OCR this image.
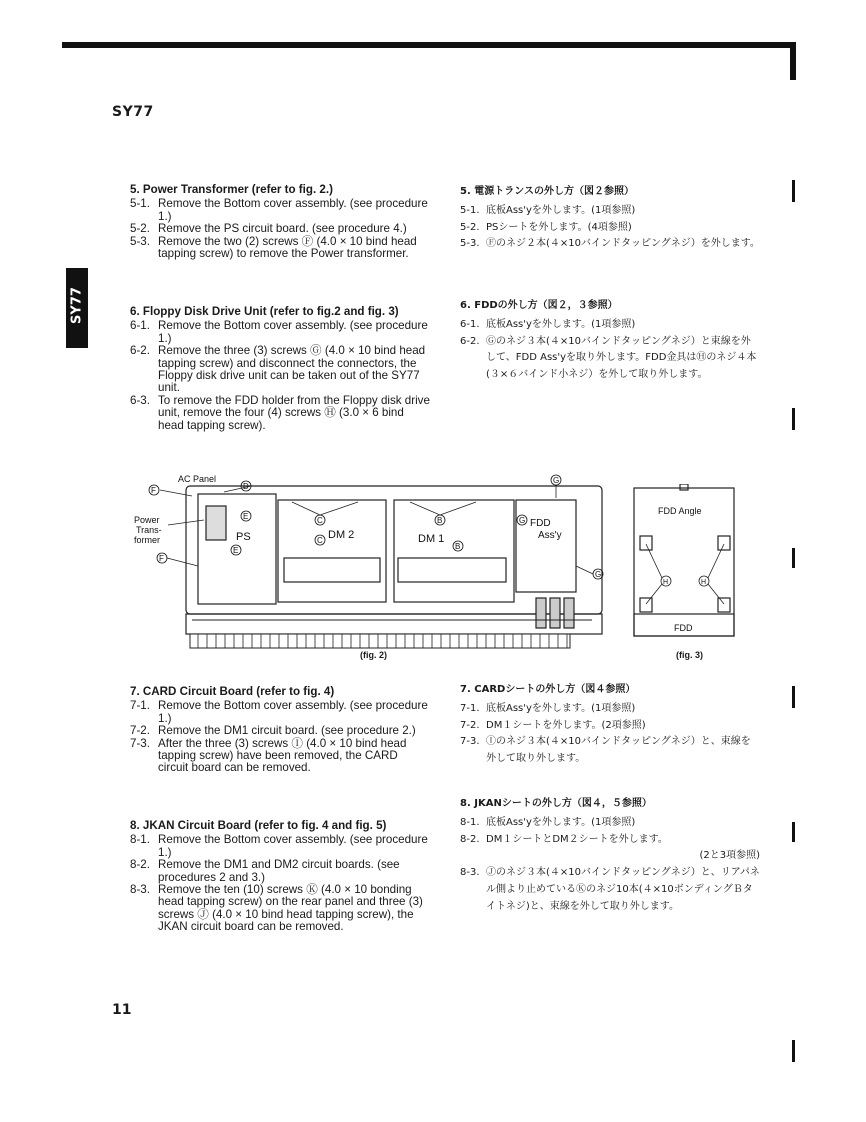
SY77
SY77
5. Power Transformer (refer to fig. 2.)
5-1. Remove the Bottom cover assembly. (see procedure 1.)
5-2. Remove the PS circuit board. (see procedure 4.)
5-3. Remove the two (2) screws Ⓕ (4.0 × 10 bind head tapping screw) to remove the Power transformer.
6. Floppy Disk Drive Unit (refer to fig.2 and fig. 3)
6-1. Remove the Bottom cover assembly. (see procedure 1.)
6-2. Remove the three (3) screws Ⓖ (4.0 × 10 bind head tapping screw) and disconnect the connectors, the Floppy disk drive unit can be taken out of the SY77 unit.
6-3. To remove the FDD holder from the Floppy disk drive unit, remove the four (4) screws Ⓗ (3.0 × 6 bind head tapping screw).
5. 電源トランスの外し方（図２参照）
5-1. 底板Ass'yを外します。(1項参照)
5-2. PSシートを外します。(4項参照)
5-3. Ⓕのネジ２本(４×10バインドタッピングネジ）を外します。
6. FDDの外し方（図２，３参照）
6-1. 底板Ass'yを外します。(1項参照)
6-2. Ⓖのネジ３本(４×10バインドタッピングネジ）と束線を外して、FDD Ass'yを取り外します。FDD金具はⒽのネジ４本(３×６バインド小ネジ）を外して取り外します。
AC Panel
Power
Trans-
former	PS	DM 2	DM 1
FDD
Ass'y
F	D
E
E
F
C
C
B
B
G
G
G
(fig. 2)
FDD Angle
FDD
H	H
(fig. 3)
7. CARD Circuit Board (refer to fig. 4)
7-1. Remove the Bottom cover assembly. (see procedure 1.)
7-2. Remove the DM1 circuit board. (see procedure 2.)
7-3. After the three (3) screws Ⓘ (4.0 × 10 bind head tapping screw) have been removed, the CARD circuit board can be removed.
8. JKAN Circuit Board (refer to fig. 4 and fig. 5)
8-1. Remove the Bottom cover assembly. (see procedure 1.)
8-2. Remove the DM1 and DM2 circuit boards. (see procedures 2 and 3.)
8-3. Remove the ten (10) screws Ⓚ (4.0 × 10 bonding head tapping screw) on the rear panel and three (3) screws Ⓙ (4.0 × 10 bind head tapping screw), the JKAN circuit board can be removed.
7. CARDシートの外し方（図４参照）
7-1. 底板Ass'yを外します。(1項参照)
7-2. DM１シートを外します。(2項参照)
7-3. Ⓘのネジ３本(４×10バインドタッピングネジ）と、束線を外して取り外します。
8. JKANシートの外し方（図４，５参照）
8-1. 底板Ass'yを外します。(1項参照)
8-2. DM１シートとDM２シートを外します。
(2と3項参照)
8-3. Ⓙのネジ３本(４×10バインドタッピングネジ）と、リアパネル側より止めているⓀのネジ10本(４×10ボンディングＢタイトネジ)と、束線を外して取り外します。
11
